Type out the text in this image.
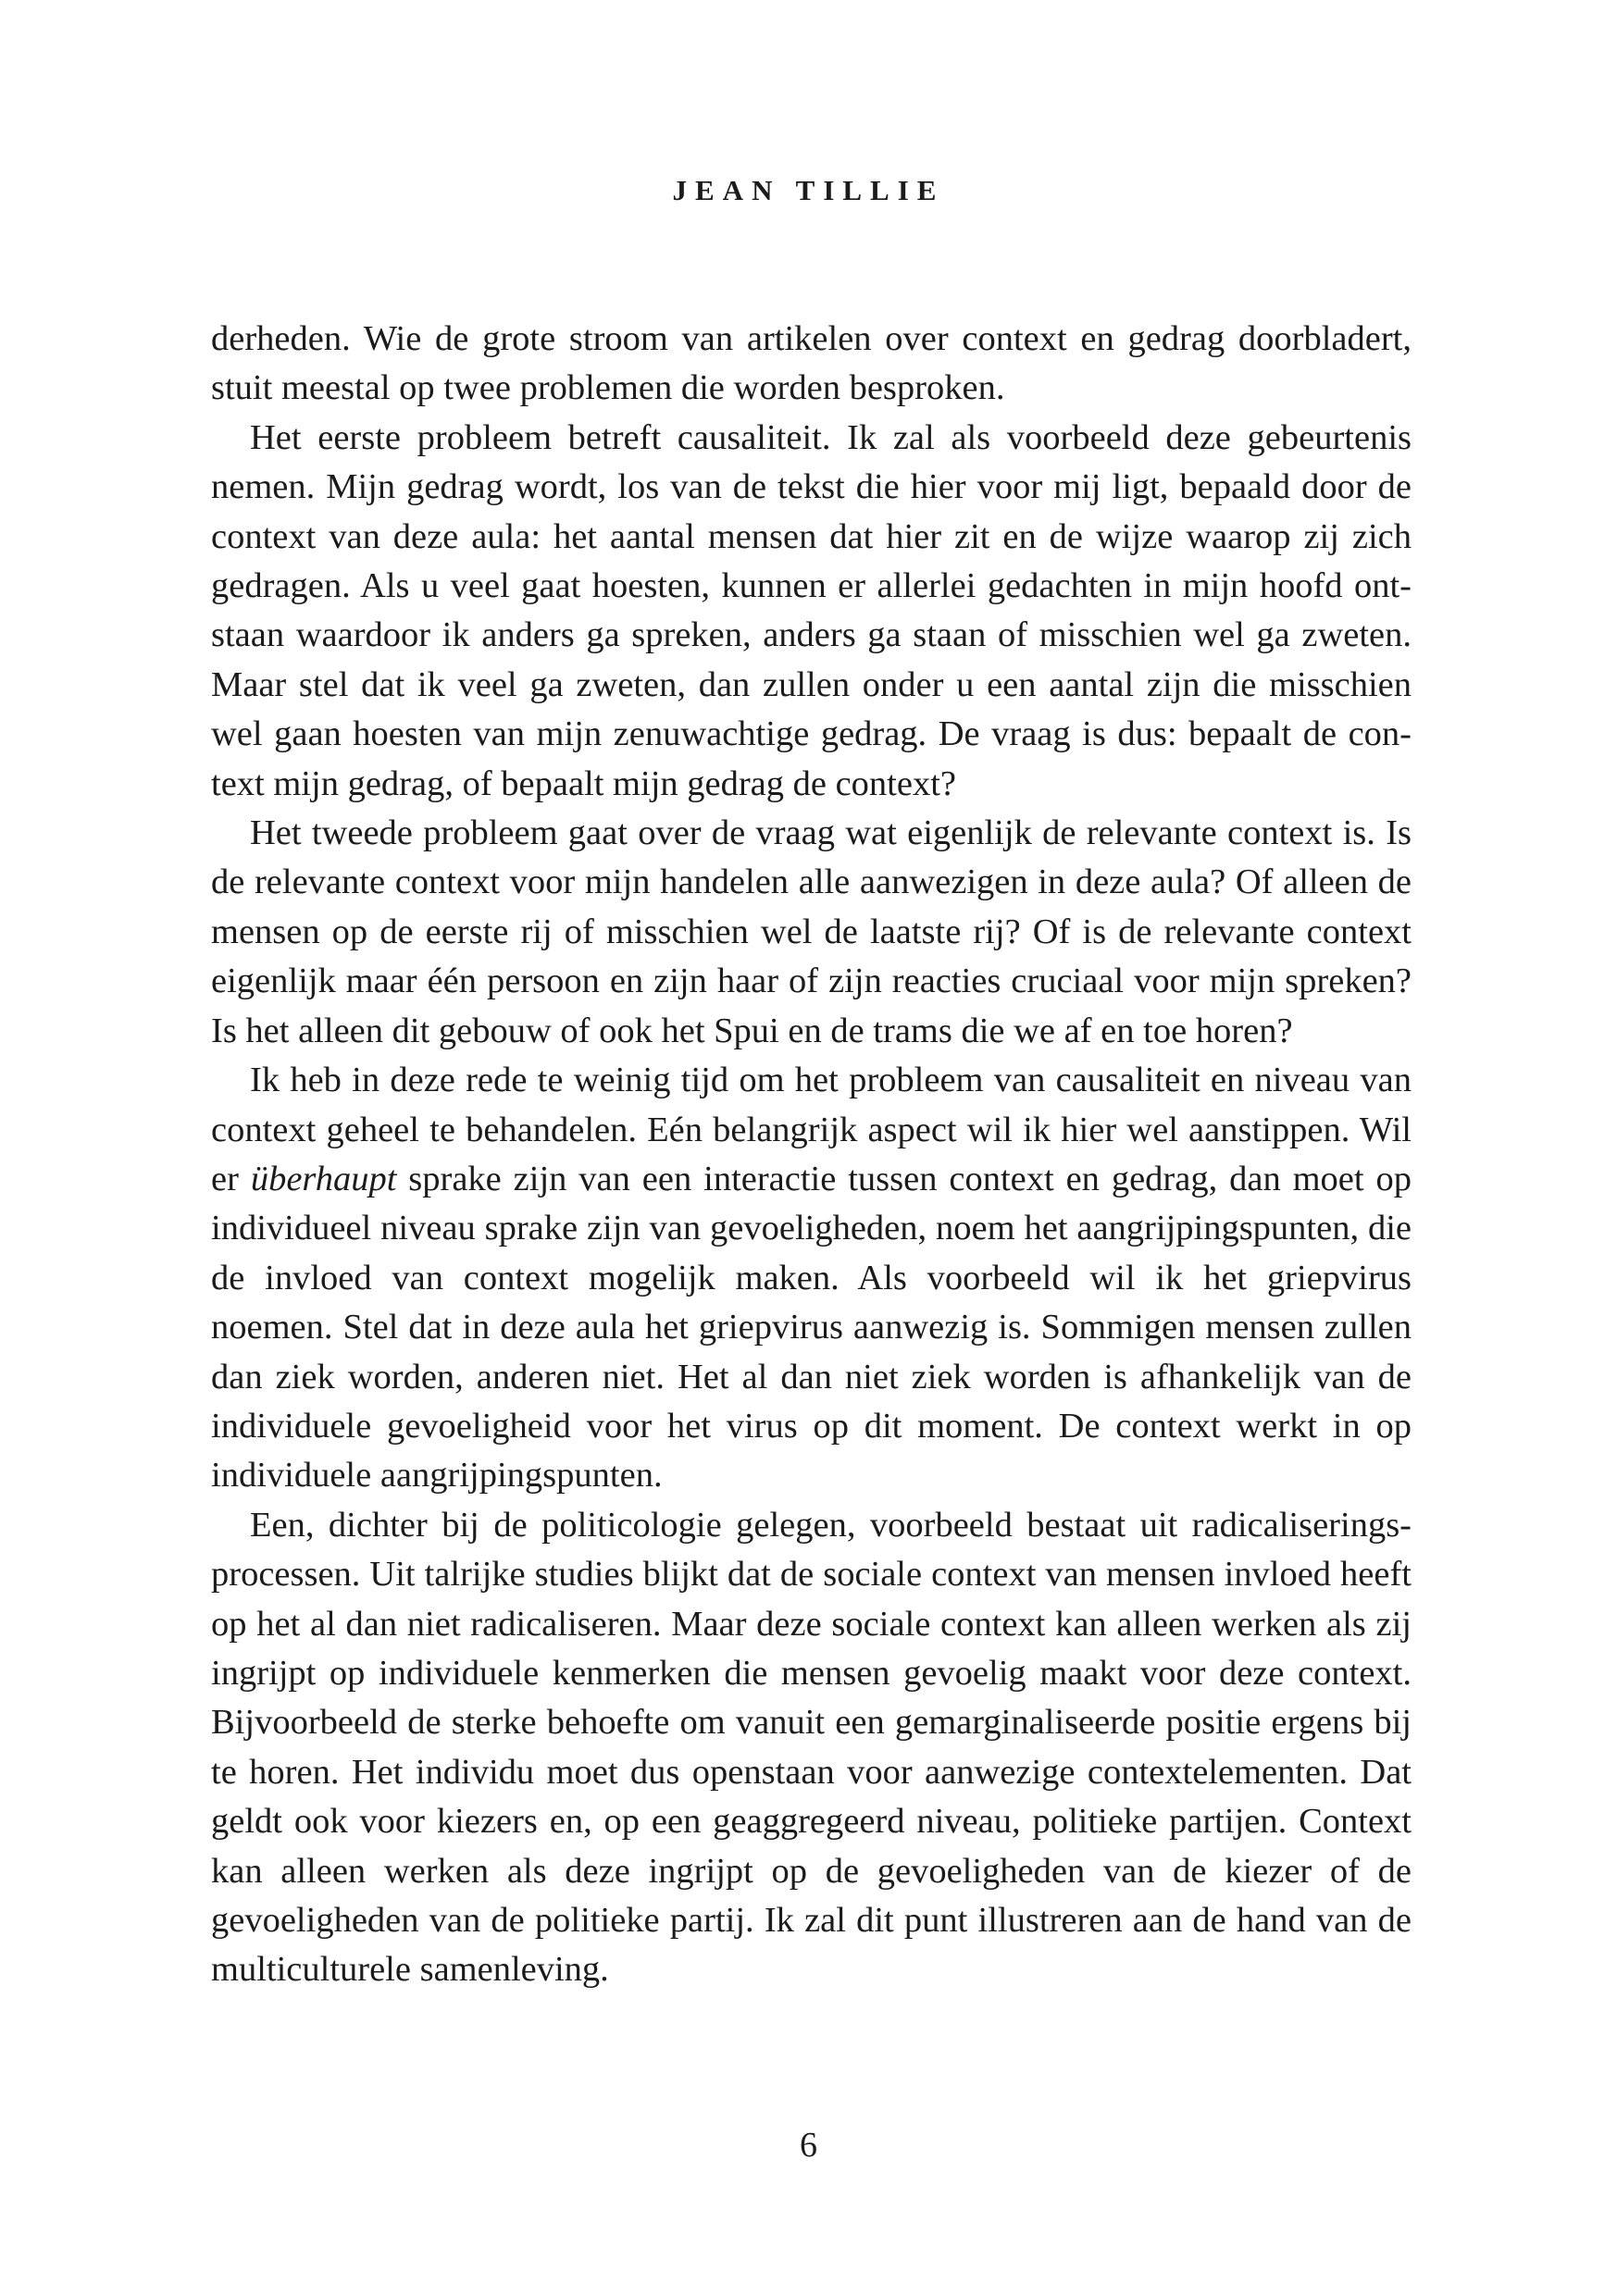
JEAN TILLIE

derheden. Wie de grote stroom van artikelen over context en gedrag doorbladert, stuit meestal op twee problemen die worden besproken.

Het eerste probleem betreft causaliteit. Ik zal als voorbeeld deze gebeurtenis nemen. Mijn gedrag wordt, los van de tekst die hier voor mij ligt, bepaald door de context van deze aula: het aantal mensen dat hier zit en de wijze waarop zij zich gedragen. Als u veel gaat hoesten, kunnen er allerlei gedachten in mijn hoofd ontstaan waardoor ik anders ga spreken, anders ga staan of misschien wel ga zweten. Maar stel dat ik veel ga zweten, dan zullen onder u een aantal zijn die misschien wel gaan hoesten van mijn zenuwachtige gedrag. De vraag is dus: bepaalt de context mijn gedrag, of bepaalt mijn gedrag de context?

Het tweede probleem gaat over de vraag wat eigenlijk de relevante context is. Is de relevante context voor mijn handelen alle aanwezigen in deze aula? Of alleen de mensen op de eerste rij of misschien wel de laatste rij? Of is de relevante context eigenlijk maar één persoon en zijn haar of zijn reacties cruciaal voor mijn spreken? Is het alleen dit gebouw of ook het Spui en de trams die we af en toe horen?

Ik heb in deze rede te weinig tijd om het probleem van causaliteit en niveau van context geheel te behandelen. Eén belangrijk aspect wil ik hier wel aanstippen. Wil er überhaupt sprake zijn van een interactie tussen context en gedrag, dan moet op individueel niveau sprake zijn van gevoeligheden, noem het aangrijpingspunten, die de invloed van context mogelijk maken. Als voorbeeld wil ik het griepvirus noemen. Stel dat in deze aula het griepvirus aanwezig is. Sommigen mensen zullen dan ziek worden, anderen niet. Het al dan niet ziek worden is afhankelijk van de individuele gevoeligheid voor het virus op dit moment. De context werkt in op individuele aangrijpingspunten.

Een, dichter bij de politicologie gelegen, voorbeeld bestaat uit radicaliseringsprocessen. Uit talrijke studies blijkt dat de sociale context van mensen invloed heeft op het al dan niet radicaliseren. Maar deze sociale context kan alleen werken als zij ingrijpt op individuele kenmerken die mensen gevoelig maakt voor deze context. Bijvoorbeeld de sterke behoefte om vanuit een gemarginaliseerde positie ergens bij te horen. Het individu moet dus openstaan voor aanwezige contextelementen. Dat geldt ook voor kiezers en, op een geaggregeerd niveau, politieke partijen. Context kan alleen werken als deze ingrijpt op de gevoeligheden van de kiezer of de gevoeligheden van de politieke partij. Ik zal dit punt illustreren aan de hand van de multiculturele samenleving.

6
